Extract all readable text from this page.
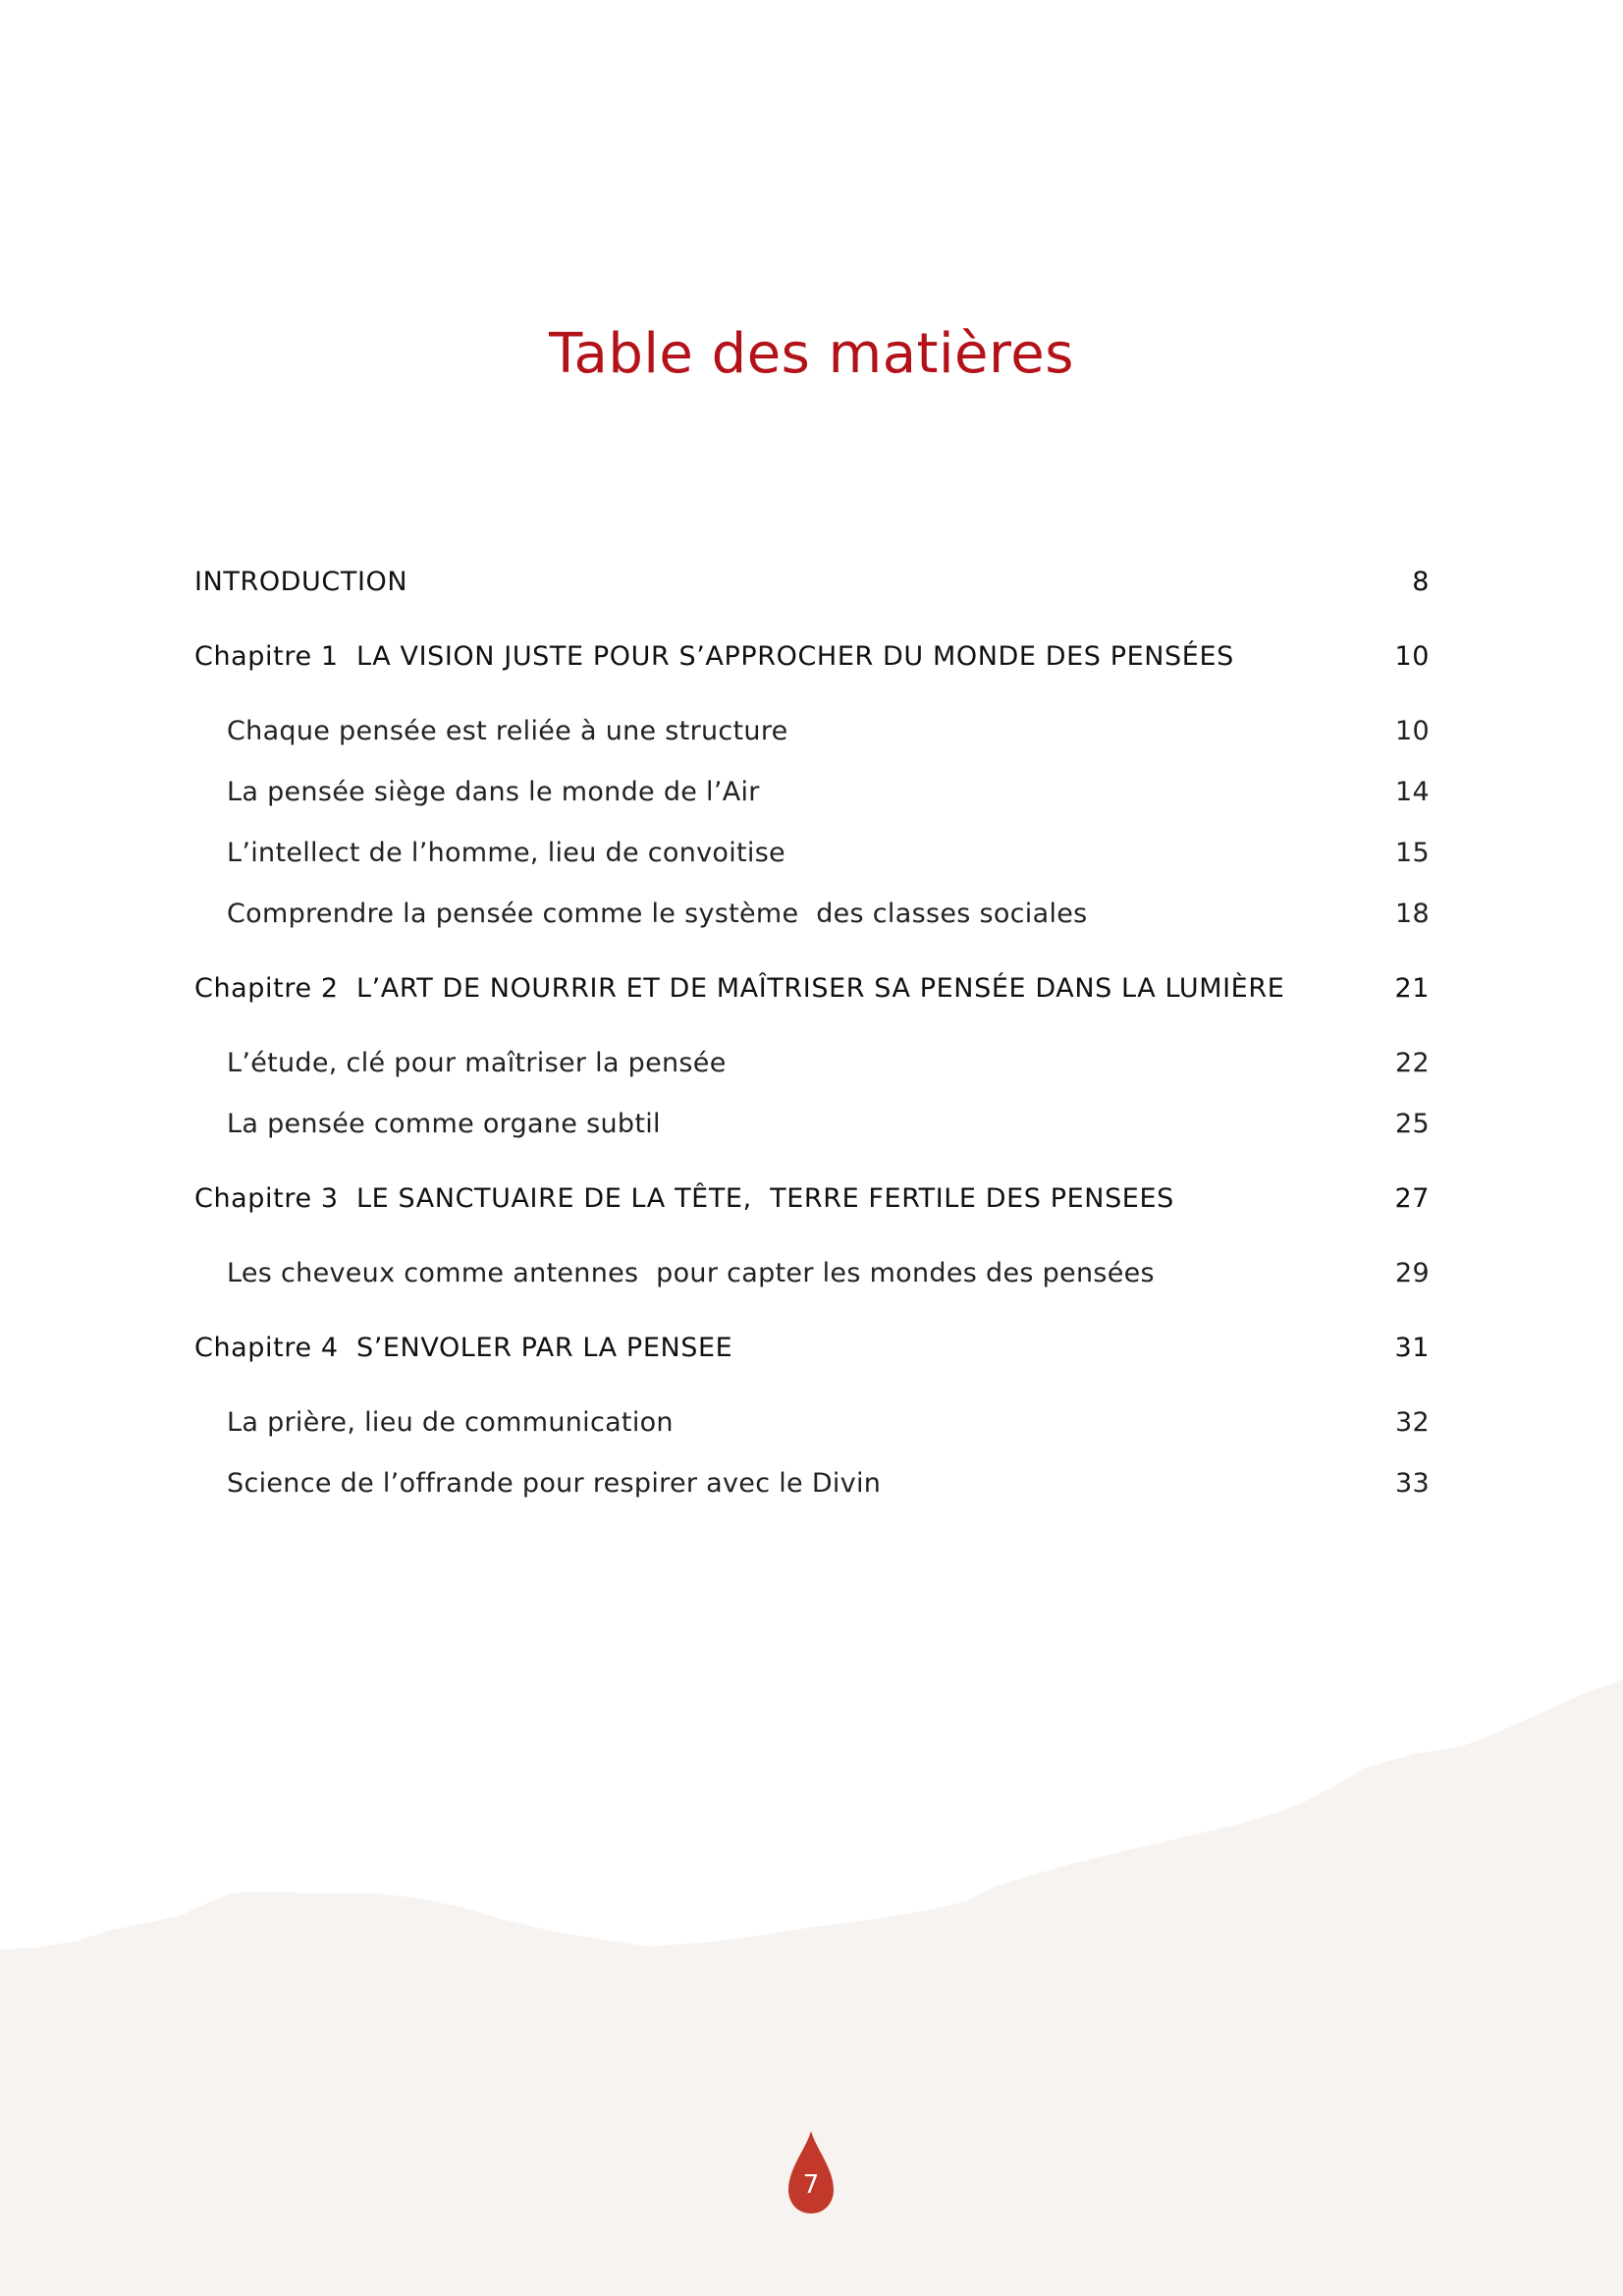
Table des matières
INTRODUCTION	8
Chapitre 1  LA VISION JUSTE POUR S’APPROCHER DU MONDE DES PENSÉES	10
Chaque pensée est reliée à une structure	10
La pensée siège dans le monde de l’Air	14
L’intellect de l’homme, lieu de convoitise	15
Comprendre la pensée comme le système  des classes sociales	18
Chapitre 2  L’ART DE NOURRIR ET DE MAÎTRISER SA PENSÉE DANS LA LUMIÈRE	21
L’étude, clé pour maîtriser la pensée	22
La pensée comme organe subtil	25
Chapitre 3  LE SANCTUAIRE DE LA TÊTE,  TERRE FERTILE DES PENSEES	27
Les cheveux comme antennes  pour capter les mondes des pensées	29
Chapitre 4  S’ENVOLER PAR LA PENSEE	31
La prière, lieu de communication	32
Science de l’offrande pour respirer avec le Divin	33
7
